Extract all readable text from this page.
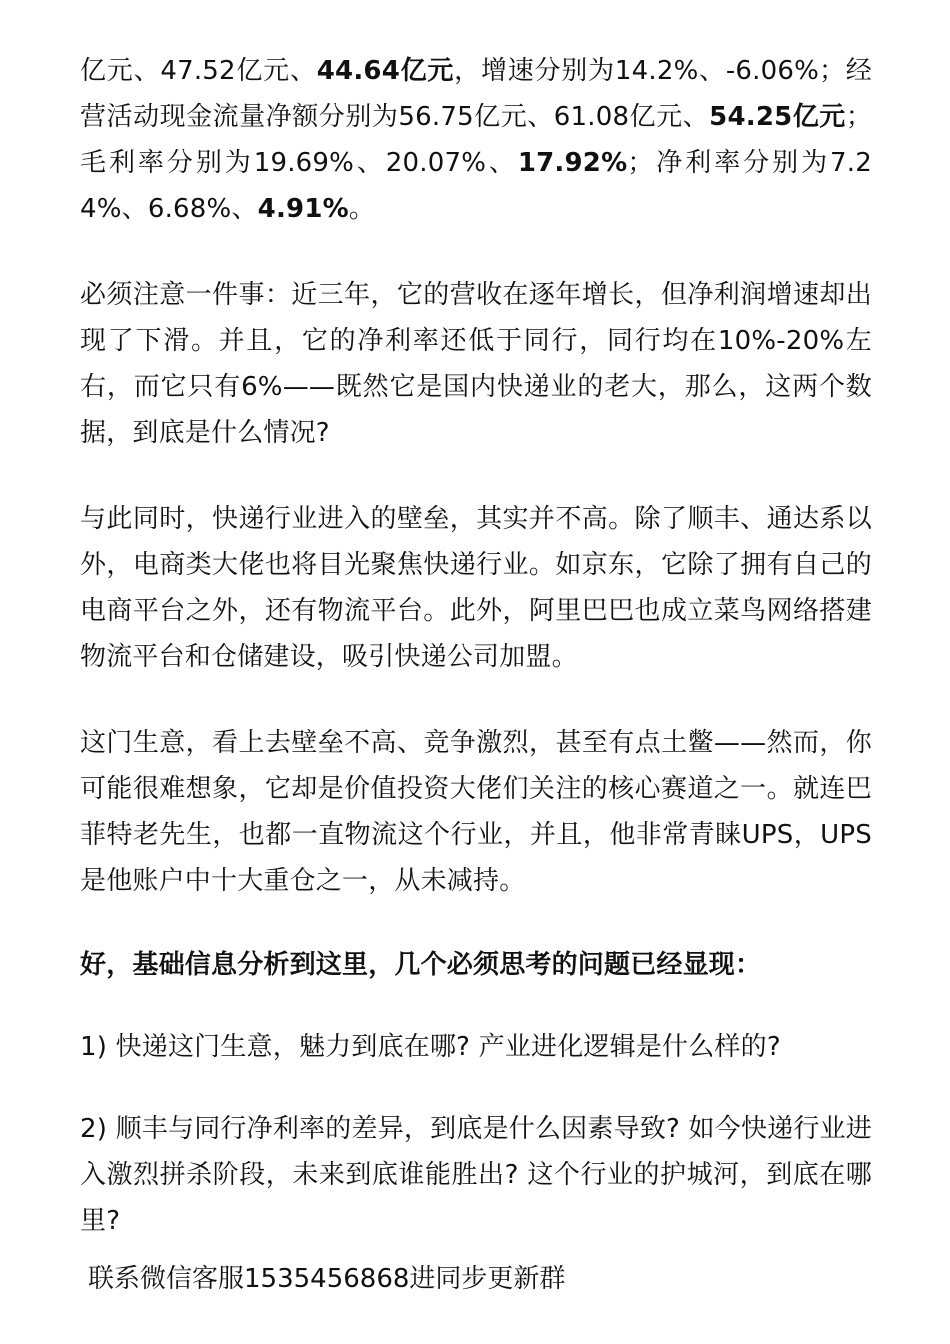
亿元、47.52亿元、44.64亿元，增速分别为14.2%、-6.06%；经营活动现金流量净额分别为56.75亿元、61.08亿元、54.25亿元；毛利率分别为19.69%、20.07%、17.92%；净利率分别为7.24%、6.68%、4.91%。

必须注意一件事：近三年，它的营收在逐年增长，但净利润增速却出现了下滑。并且，它的净利率还低于同行，同行均在10%-20%左右，而它只有6%——既然它是国内快递业的老大，那么，这两个数据，到底是什么情况?

与此同时，快递行业进入的壁垒，其实并不高。除了顺丰、通达系以外，电商类大佬也将目光聚焦快递行业。如京东，它除了拥有自己的电商平台之外，还有物流平台。此外，阿里巴巴也成立菜鸟网络搭建物流平台和仓储建设，吸引快递公司加盟。

这门生意，看上去壁垒不高、竞争激烈，甚至有点土鳖——然而，你可能很难想象，它却是价值投资大佬们关注的核心赛道之一。就连巴菲特老先生，也都一直物流这个行业，并且，他非常青睐UPS，UPS是他账户中十大重仓之一，从未减持。

好，基础信息分析到这里，几个必须思考的问题已经显现：

1) 快递这门生意，魅力到底在哪? 产业进化逻辑是什么样的?

2) 顺丰与同行净利率的差异，到底是什么因素导致? 如今快递行业进入激烈拼杀阶段，未来到底谁能胜出? 这个行业的护城河，到底在哪里?

联系微信客服1535456868进同步更新群
